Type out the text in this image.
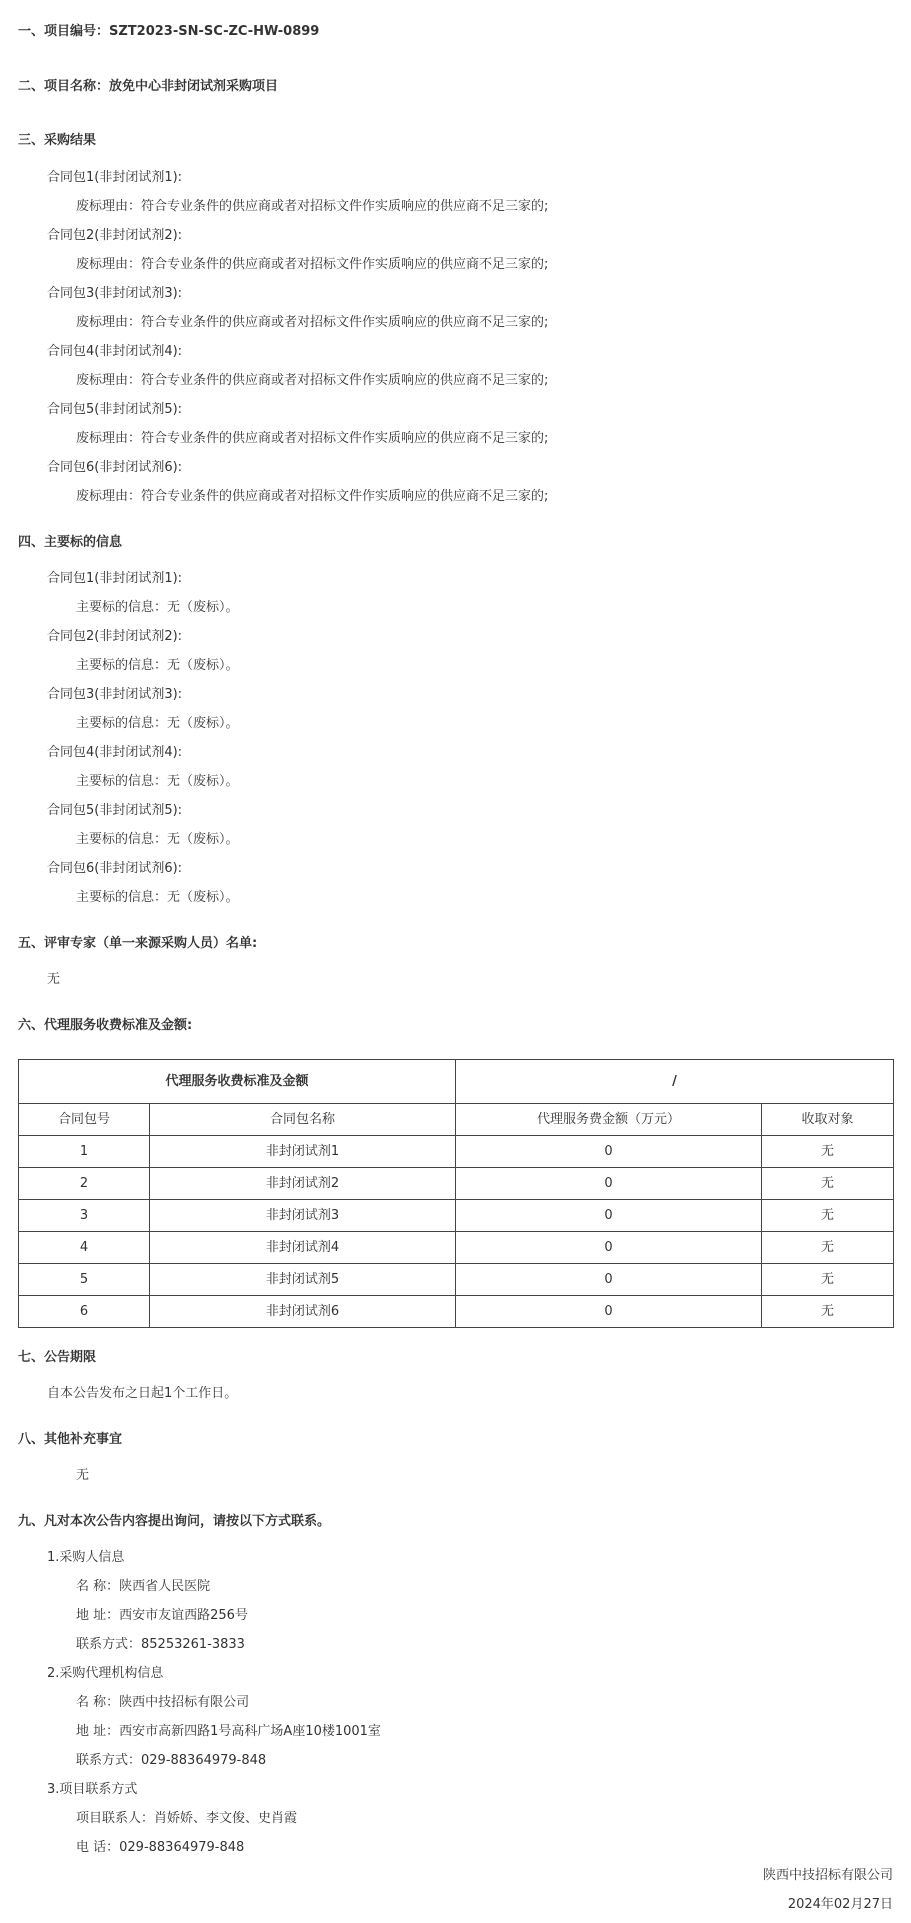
一、项目编号：SZT2023-SN-SC-ZC-HW-0899
二、项目名称：放免中心非封闭试剂采购项目
三、采购结果
合同包1(非封闭试剂1):
废标理由：符合专业条件的供应商或者对招标文件作实质响应的供应商不足三家的;
合同包2(非封闭试剂2):
废标理由：符合专业条件的供应商或者对招标文件作实质响应的供应商不足三家的;
合同包3(非封闭试剂3):
废标理由：符合专业条件的供应商或者对招标文件作实质响应的供应商不足三家的;
合同包4(非封闭试剂4):
废标理由：符合专业条件的供应商或者对招标文件作实质响应的供应商不足三家的;
合同包5(非封闭试剂5):
废标理由：符合专业条件的供应商或者对招标文件作实质响应的供应商不足三家的;
合同包6(非封闭试剂6):
废标理由：符合专业条件的供应商或者对招标文件作实质响应的供应商不足三家的;
四、主要标的信息
合同包1(非封闭试剂1):
主要标的信息：无（废标）。
合同包2(非封闭试剂2):
主要标的信息：无（废标）。
合同包3(非封闭试剂3):
主要标的信息：无（废标）。
合同包4(非封闭试剂4):
主要标的信息：无（废标）。
合同包5(非封闭试剂5):
主要标的信息：无（废标）。
合同包6(非封闭试剂6):
主要标的信息：无（废标）。
五、评审专家（单一来源采购人员）名单:
无
六、代理服务收费标准及金额:
代理服务收费标准及金额		/	
合同包号	合同包名称	代理服务费金额（万元）	收取对象
1	非封闭试剂1	0	无
2	非封闭试剂2	0	无
3	非封闭试剂3	0	无
4	非封闭试剂4	0	无
5	非封闭试剂5	0	无
6	非封闭试剂6	0	无
七、公告期限
自本公告发布之日起1个工作日。
八、其他补充事宜
无
九、凡对本次公告内容提出询问，请按以下方式联系。
1.采购人信息
名 称：陕西省人民医院
地 址：西安市友谊西路256号
联系方式：85253261-3833
2.采购代理机构信息
名 称：陕西中技招标有限公司
地 址：西安市高新四路1号高科广场A座10楼1001室
联系方式：029-88364979-848
3.项目联系方式
项目联系人：肖娇娇、李文俊、史肖霞
电 话：029-88364979-848
陕西中技招标有限公司
2024年02月27日
